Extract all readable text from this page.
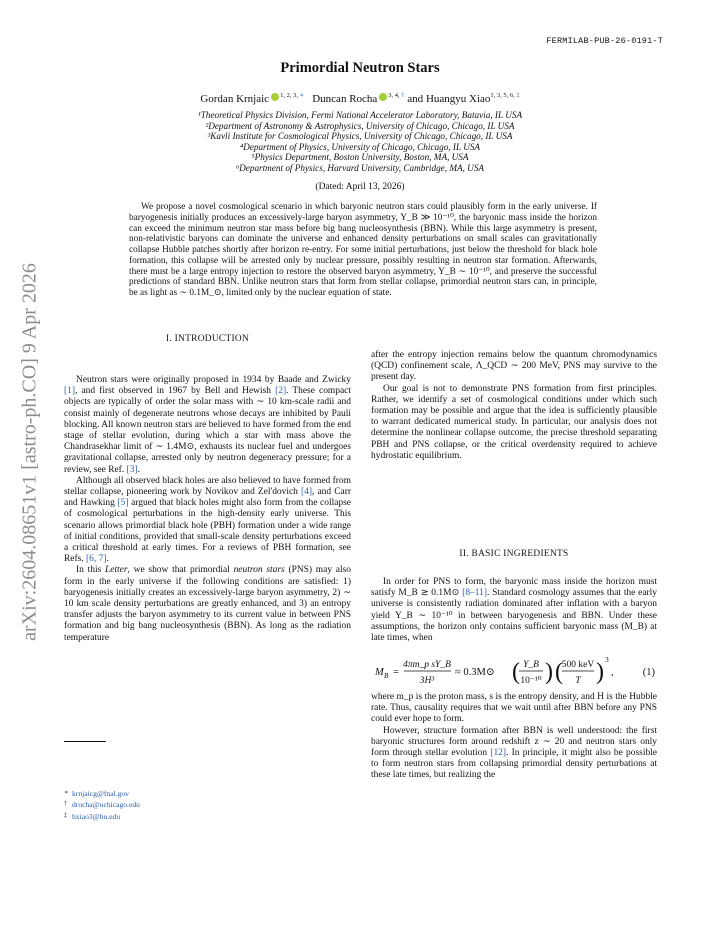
FERMILAB-PUB-26-0191-T
Primordial Neutron Stars
Gordan Krnjaic $^{1, 2, 3,}$ ∗ Duncan Rocha $^{3, 4,}$ † and Huangyu Xiao$^{1, 3, 5, 6,}$ ‡
¹Theoretical Physics Division, Fermi National Accelerator Laboratory, Batavia, IL USA
²Department of Astronomy & Astrophysics, University of Chicago, Chicago, IL USA
³Kavli Institute for Cosmological Physics, University of Chicago, Chicago, IL USA
⁴Department of Physics, University of Chicago, Chicago, IL USA
⁵Physics Department, Boston University, Boston, MA, USA
⁶Department of Physics, Harvard University, Cambridge, MA, USA
(Dated: April 13, 2026)
We propose a novel cosmological scenario in which baryonic neutron stars could plausibly form in the early universe. If baryogenesis initially produces an excessively-large baryon asymmetry, Y_B ≫ 10⁻¹⁰, the baryonic mass inside the horizon can exceed the minimum neutron star mass before big bang nucleosynthesis (BBN). While this large asymmetry is present, non-relativistic baryons can dominate the universe and enhanced density perturbations on small scales can gravitationally collapse Hubble patches shortly after horizon re-entry. For some initial perturbations, just below the threshold for black hole formation, this collapse will be arrested only by nuclear pressure, possibly resulting in neutron star formation. Afterwards, there must be a large entropy injection to restore the observed baryon asymmetry, Y_B ∼ 10⁻¹⁰, and preserve the successful predictions of standard BBN. Unlike neutron stars that form from stellar collapse, primordial neutron stars can, in principle, be as light as ∼ 0.1M_⊙, limited only by the nuclear equation of state.
I. INTRODUCTION

Neutron stars were originally proposed in 1934 by Baade and Zwicky [1], and first observed in 1967 by Bell and Hewish [2]. These compact objects are typically of order the solar mass with ∼ 10 km-scale radii and consist mainly of degenerate neutrons whose decays are inhibited by Pauli blocking. All known neutron stars are believed to have formed from the end stage of stellar evolution, during which a star with mass above the Chandrasekhar limit of ∼ 1.4M⊙, exhausts its nuclear fuel and undergoes gravitational collapse, arrested only by neutron degeneracy pressure; for a review, see Ref. [3].

Although all observed black holes are also believed to have formed from stellar collapse, pioneering work by Novikov and Zel'dovich [4], and Carr and Hawking [5] argued that black holes might also form from the collapse of cosmological perturbations in the high-density early universe. This scenario allows primordial black hole (PBH) formation under a wide range of initial conditions, provided that small-scale density perturbations exceed a critical threshold at early times. For a reviews of PBH formation, see Refs. [6, 7].

In this Letter, we show that primordial neutron stars (PNS) may also form in the early universe if the following conditions are satisfied: 1) baryogenesis initially creates an excessively-large baryon asymmetry, 2) ∼ 10 km scale density perturbations are greatly enhanced, and 3) an entropy transfer adjusts the baryon asymmetry to its current value in between PNS formation and big bang nucleosynthesis (BBN). As long as the radiation temperature

∗ krnjaicg@fnal.gov
† drocha@uchicago.edu
‡ hxiao3@bu.edu

after the entropy injection remains below the quantum chromodynamics (QCD) confinement scale, Λ_QCD ∼ 200 MeV, PNS may survive to the present day.

Our goal is not to demonstrate PNS formation from first principles. Rather, we identify a set of cosmological conditions under which such formation may be possible and argue that the idea is sufficiently plausible to warrant dedicated numerical study. In particular, our analysis does not determine the nonlinear collapse outcome, the precise threshold separating PBH and PNS collapse, or the critical overdensity required to achieve hydrostatic equilibrium.

II. BASIC INGREDIENTS

In order for PNS to form, the baryonic mass inside the horizon must satisfy M_B ≳ 0.1M⊙ [8–11]. Standard cosmology assumes that the early universe is consistently radiation dominated after inflation with a baryon yield Y_B ∼ 10⁻¹⁰ in between baryogenesis and BBN. Under these assumptions, the horizon only contains sufficient baryonic mass (M_B) at late times, when

M B =
4πm_p sY_B
3H³
≈ 0.3M⊙ ( Y_B
10⁻¹⁰ ) (
500 keV
T ) 3
,	(1)

where m_p is the proton mass, s is the entropy density, and H is the Hubble rate. Thus, causality requires that we wait until after BBN before any PNS could ever hope to form.

However, structure formation after BBN is well understood: the first baryonic structures form around redshift z ∼ 20 and neutron stars only form through stellar evolution [12]. In principle, it might also be possible to form neutron stars from collapsing primordial density perturbations at these late times, but realizing the

arXiv:2604.08651v1 [astro-ph.CO] 9 Apr 2026
